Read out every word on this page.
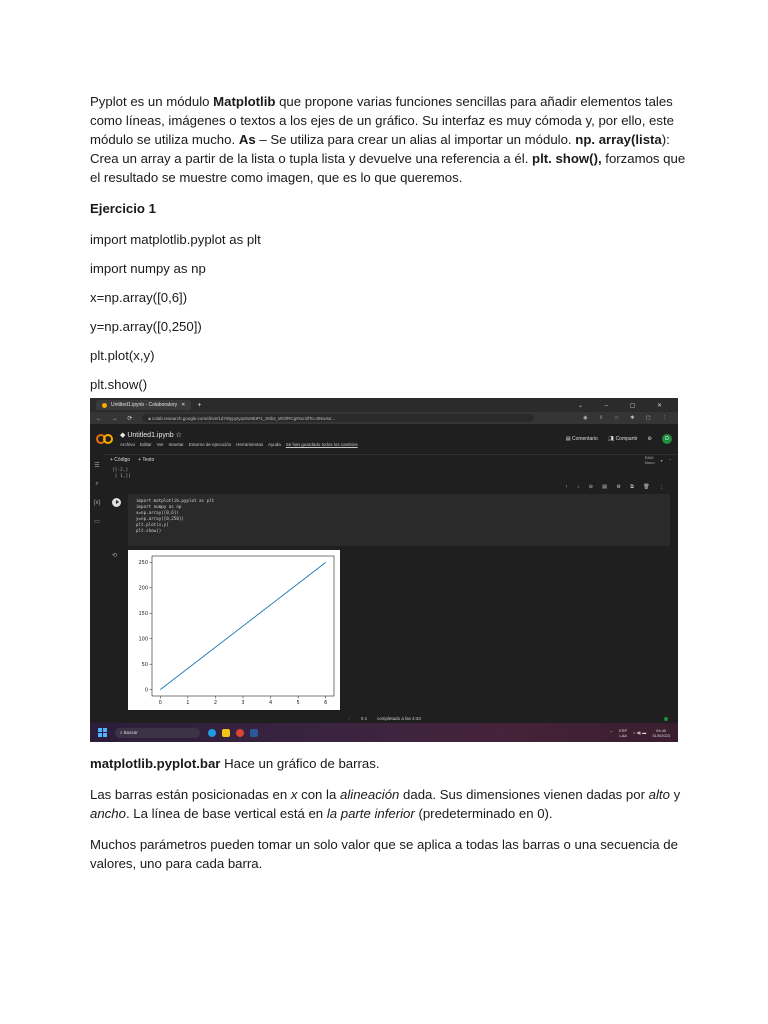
Pyplot es un módulo Matplotlib que propone varias funciones sencillas para añadir elementos tales como líneas, imágenes o textos a los ejes de un gráfico. Su interfaz es muy cómoda y, por ello, este módulo se utiliza mucho. As – Se utiliza para crear un alias al importar un módulo. np. array(lista): Crea un array a partir de la lista o tupla lista y devuelve una referencia a él. plt. show(), forzamos que el resultado se muestre como imagen, que es lo que queremos.

Ejercicio 1

import matplotlib.pyplot as plt

import numpy as np

x=np.array([0,6])

y=np.array([0,250])

plt.plot(x,y)

plt.show()

Untitled1.ipynb - Colaboratory ✕ +	⌄ – ▢ ✕
← → ⟳	🔒︎
colab.research.google.com/drive/1d7WypyIyaz8o9EIP1_S0b2_WO/RCg#scrollTo=5Nw4xr...	◉ ⇪ ☆ ✱ ▢ ⋮
◆ Untitled1.ipynb ☆
Archivo Editar Ver Insertar Entorno de ejecución Herramientas Ayuda Se han guardado todos los cambios
▤ Comentario 👥︎ Compartir ⚙	D
☰
⌕
{x}
▭
+ Código + Texto	RAM
Disco ▾ ⌃
[[-2,]
[ 1,]]
↑ ↓ ⊖ ▤ ⚙ ⧉ 🗑︎ ⋮
import matplotlib.pyplot as plt
import numpy as np
x=np.array([0,6])
y=np.array([0,250])
plt.plot(x,y)
plt.show()
⟲
0	1	2	3	4	5	6
0
50
100
150
200
250
✓ 0 s completado a las 4:34
⌕
Buscar	⌃ ESP
LAA ⌂ ◀) ▬	04:40
31/5/2023

matplotlib.pyplot.bar Hace un gráfico de barras.

Las barras están posicionadas en x con la alineación dada. Sus dimensiones vienen dadas por alto y ancho. La línea de base vertical está en la parte inferior (predeterminado en 0).

Muchos parámetros pueden tomar un solo valor que se aplica a todas las barras o una secuencia de valores, uno para cada barra.
